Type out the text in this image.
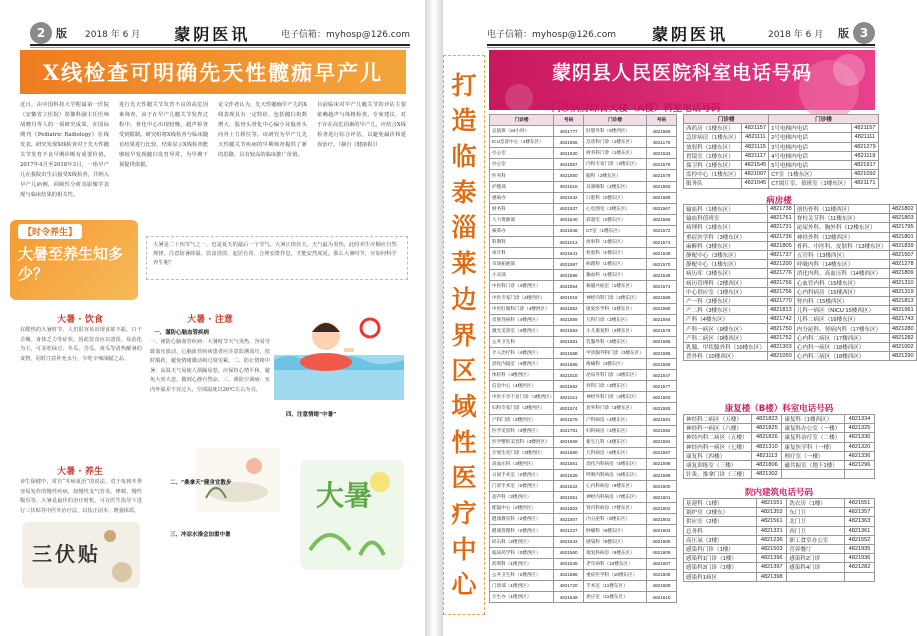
2 版 2018 年 6 月 蒙阴医讯	电子信箱：myhosp@126.com
X线检查可明确先天性髋痂早产儿
近日，由中国科技大学附属第一医院（安徽省立医院）影像科副主任医师胡晓丹等人的一项研究成果，在国际期刊《Pediatric Radiology》在线发表。研究发现X线检查对于先天性髋关节发育不良早期诊断有重要价值。2017年4月至2018年3月，一组早产儿在我院出生后接受X线检查，共纳入早产儿病例，回顾性分析其影像学表现与临床结果的相关性。
进行先天性髋关节发育不良的高危因素筛查，由于在早产儿髋关节发育过程中，骨化中心出现较晚，超声检查受到限制。研究组将X线检查与临床随访结果进行比较，结果显示X线检查能够较早发现髋臼发育异常，为早期干预提供依据。
论文作者认为，先天性髋痂早产儿的X线表现具有一定特征，包括髋臼指数增大、股骨头骨化中心偏小及股骨头向外上方移位等。该研究为早产儿先天性髋关节疾病的早期筛查提供了新的思路，具有较高的临床推广价值。
目前临床对早产儿髋关节的评估主要依赖超声与体格检查。专家建议，对于存在高危因素的早产儿，应结合X线检查进行综合评估，以避免漏诊和延误治疗。（摘自《健康报》）
【时令养生】
大暑至养生知多少？
大暑是二十四节气之一，也是夏天的最后一个节气。大暑正值伏天，天气最为炎热，此时养生应顺应自然规律，注意防暑降温、饮食清淡、起居有常，合理安排作息，才能安然度夏。那么大暑时节，应如何科学养生呢？
大暑 · 饮食
在酷热的大暑时节，人们很容易出现食欲不振、口干舌燥、身体乏力等症状。因此饮食应以清淡、易消化为主，可多吃绿豆、冬瓜、苦瓜、黄瓜等清热解暑的食物，同时注意补充水分，少吃辛辣油腻之品。
大暑 · 注意
一、谨防心脑血管疾病
一、谨防心脑血管疾病：大暑时节天气炎热，容易导致血压波动，心脑血管疾病患者应注意监测血压，按时服药，避免情绪激动和过度劳累。二、防止情绪中暑：高温天气易使人烦躁易怒，应保持心情平和，避免大喜大悲，做到心静自然凉。三、谨防空调病：室内外温差不宜过大，空调温度以26℃左右为宜。
四、注意情绪“中暑”
大暑 · 养生
养生保健中，常有“冬病夏治”的说法。对于每到冬季容易发作的慢性疾病，如慢性支气管炎、哮喘、慢性腹泻等，大暑是最佳的治疗时机。可在医生指导下进行三伏贴等中医外治疗法，以扶正固本，增强体质。
二、“桑拿天”健身宜散步
三、冲凉水澡会加重中暑
大暑
三伏贴
电子信箱：myhosp@126.com 蒙阴医讯	2018 年 6 月 版 3
打
造
临
泰
淄
莱
边
界
区
域
性
医
疗
中
心
蒙阴县人民医院科室电话号码
门诊病房综合大楼（A楼）科室电话号码
门诊楼	号码	门诊楼	号码
总值班（24小时）	4821777	肝胆外科（5楼西区）	4821556
ICU急诊中心（1楼东区）	4821555	急诊科门诊（1楼东区）	4821176
办公室	4821830	财务科门诊（1楼东区）	4821534
办公室	4821557	内科专家门诊（2楼东区）	4821576
医务科	4821550	眼科（2楼东区）	4821579
护理部	4821518	耳鼻喉科（2楼东区）	4821582
感染办	4821542	口腔科（2楼东区）	4821589
财务科	4821537	心电图室（2楼东区）	4821567
人力资源部	4821540	彩超室（2楼东区）	4821566
核算办	4821546	CT室（1楼东区）	4821572
科教科	4821013	放射科（1楼东区）	4821573
审计科	4821541	检验科（1楼东区）	4821548
市场拓展部	4821597	病理科（1楼东区）	4821570
小卖部	4821596	输血科（1楼东区）	4821549
中医科门诊（4楼西区）	4821564	核磁共振室（1楼东区）	4821574
中医专家门诊（4楼西区）	4821016	神经内科门诊（2楼东区）	4821588
中医肛肠科门诊（4楼西区）	4821562	康复医学科（2楼东区）	4821580
皮肤性病科（4楼西区）	4821559	儿科门诊（2楼东区）	4821584
激光美容室（4楼西区）	4821563	小儿康复科（2楼东区）	4821578
公共卫生科	4821581	乳腺外科（3楼东区）	4821585
介入治疗科（4楼西区）	4821568	甲状腺外科门诊（3楼东区）	4821595
消化内镜室（4楼西区）	4821565	疼痛科（3楼东区）	4821558
体检科（4楼西区）	4821518	泌尿外科门诊（3楼东区）	4821547
信息中心（4楼西区）	4821562	骨科门诊（3楼东区）	4821577
中医不孕不育门诊（3楼西区）	4821611	神经外科门诊（3楼东区）	4821583
妇科专家门诊（3楼西区）	4821574	普外科门诊（3楼东区）	4821593
产科门诊（3楼西区）	4821575	产科病房（4楼东区）	4821591
医学美容科（3楼西区）	4821761	妇科病房（4楼东区）	4821592
医学整形美容科（3楼西区）	4821569	新生儿科（4楼东区）	4821594
计划生育门诊（3楼西区）	4821560	儿科病房（5楼东区）	4821587
高血压科（3楼西区）	4821561	消化内科病房（5楼东区）	4821598
日间手术室（2楼西区）	4821525	呼吸内科病房（6楼东区）	4821599
门诊手术室（2楼西区）	4821522	心内科病房（6楼东区）	4821600
超声科（2楼西区）	4821551	神经内科病房（7楼东区）	4821601
配镜中心（2楼西区）	4821503	肾内科病房（7楼东区）	4821602
健康教育科（2楼西区）	4821507	内分泌科（8楼东区）	4821603
健康管理科（2楼西区）	4821227	肿瘤科（8楼东区）	4821604
碎石科（2楼西区）	4821543	感染科（9楼东区）	4821605
临床药学科（2楼西区）	4821560	康复科病房（9楼东区）	4821606
药剂科（1楼西区）	4821545	老年病科（10楼东区）	4821607
公共卫生科（1楼西区）	4821586	重症医学科（10楼东区）	4821608
门诊部（1楼西区）	4821720	手术室（11楼东区）	4821609
计生办（1楼西区）	4821546	供应室（11楼东区）	4821610
门诊楼		门诊楼	
西药房（1楼东区）	4821157	1号电梯内电话	4821157
急诊病房（1楼东区）	4821111	2号电梯内电话	4821111
放射科（1楼东区）	4821115	3号电梯内电话	4821279
胃镜室（1楼东区）	4821117	4号电梯内电话	4821119
保卫科（1楼东区）	4821545	5号电梯内电话	4821917
监控中心（1楼东区）	4821007	CT室（1楼东区）	4821092
服务队	4821045	CT阅片室、值班室（1楼东区）	4821171
病房楼
输血科（1楼东区）	4821738	创伤骨科（11楼西区）	4821802
输血科值班室	4821761	脊柱关节科（11楼东区）	4821803
病理科（1楼东区）	4821731	泌尿外科、胸外科（12楼东区）	4821795
重症医学科（3楼东区）	4821736	神经外科（12楼西区）	4821801
麻醉科（3楼东区）	4821805	骨科、中医科、皮肤科（13楼东区）	4821839
静配中心（3楼东区）	4821737	五官科（13楼西区）	4821507
静配中心（1楼东区）	4821200	呼吸内科（14楼东区）	4821278
病历库（3楼东区）	4821776	消化内科、高血压科（14楼西区）	4821809
病历管理科（2楼西区）	4821756	心血管内科（15楼东区）	4821310
中心供应室（1楼东区）	4821756	心内科病房（15楼西区）	4821319
产一科（2楼东区）	4821770	肾内科（15楼西区）	4821813
产二科（3楼东区）	4821813	儿科一病区（NICU 15楼西区）	4821961
产科（4楼东区）	4821742	儿科二病区（16楼东区）	4821743
产科一病区（9楼东区）	4821750	内分泌科、肾病内科（17楼东区）	4821280
产科二病区（9楼西区）	4821752	心内科二病区（17楼西区）	4821282
乳腺、甲状腺外科（10楼东区）	4821303	心内科一病区（18楼西区）	4821002
普外科（10楼西区）	4821050	心内科三病区（18楼西区）	4821290
康复楼（B楼）科室电话号码
神经科二病区（五楼）	4821823	康复科（1楼西区）	4821334
神经科一病区（六楼）	4821825	康复科办公室（一楼）	4821325
神经内科二病区（五楼）	4821826	康复科治疗室（二楼）	4821330
神经内科一病区（七楼）	4821310	康复医学科（一楼）	4821320
康复科（四楼）	4821113	理疗室（一楼）	4821336
康复训练室（三楼）	4821806	磁共振室（地下1楼）	4821296
针灸、推拿门诊（三楼）	4821302		
院内建筑电话号码
基建科（1楼）	4821551	洗衣房（1楼）	4821551
锅炉房（2楼东）	4821353	东门卫	4821357
供应室（2楼）	4821561	北门卫	4821363
总务科	4821331	西门卫	4821361
高压氧（2楼）	4821236	职工食堂办公室	4821552
感染科门诊（1楼）	4821503	营养餐厅	4821935
感染科1门诊（1楼）	4821396	感染科2门诊	4821936
感染科3门诊（1楼）	4821397	感染科4门诊	4821282
感染科1病区	4821398		
